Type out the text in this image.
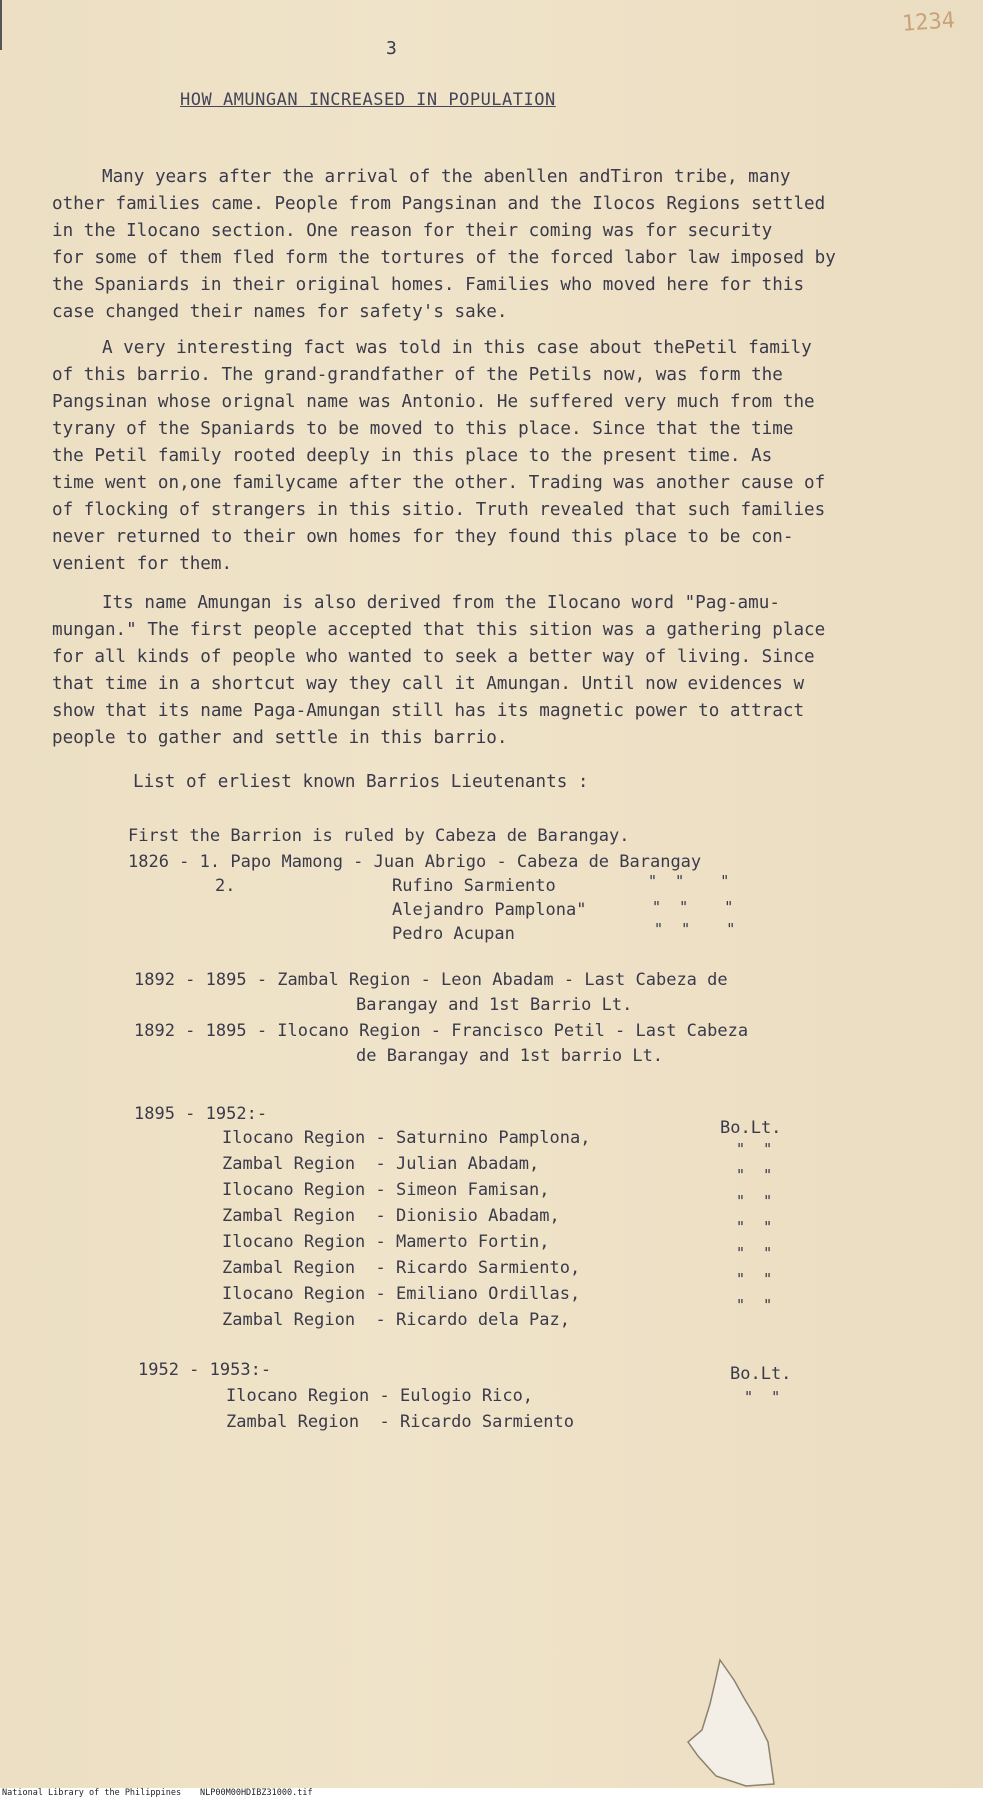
3
1234
HOW AMUNGAN INCREASED IN POPULATION

Many years after the arrival of the abenllen andTiron tribe, many
other families came. People from Pangsinan and the Ilocos Regions settled
in the Ilocano section. One reason for their coming was for security
for some of them fled form the tortures of the forced labor law imposed by
the Spaniards in their original homes. Families who moved here for this
case changed their names for safety's sake.

A very interesting fact was told in this case about thePetil family
of this barrio. The grand-grandfather of the Petils now, was form the
Pangsinan whose orignal name was Antonio. He suffered very much from the
tyrany of the Spaniards to be moved to this place. Since that the time
the Petil family rooted deeply in this place to the present time. As
time went on,one familycame after the other. Trading was another cause of
of flocking of strangers in this sitio. Truth revealed that such families
never returned to their own homes for they found this place to be con-
venient for them.

Its name Amungan is also derived from the Ilocano word "Pag-amu-
mungan." The first people accepted that this sition was a gathering place
for all kinds of people who wanted to seek a better way of living. Since
that time in a shortcut way they call it Amungan. Until now evidences w
show that its name Paga-Amungan still has its magnetic power to attract
people to gather and settle in this barrio.

List of erliest known Barrios Lieutenants :
First the Barrion is ruled by Cabeza de Barangay.
1826 - 1. Papo Mamong - Juan Abrigo - Cabeza de Barangay
2.	Rufino Sarmiento
Alejandro Pamplona"
Pedro Acupan
"  "    "
"  "    "
"  "    "
1892 - 1895 - Zambal Region - Leon Abadam - Last Cabeza de
Barangay and 1st Barrio Lt.
1892 - 1895 - Ilocano Region - Francisco Petil - Last Cabeza
de Barangay and 1st barrio Lt.
1895 - 1952:-
Bo.Lt.
Ilocano Region - Saturnino Pamplona,
Zambal Region  - Julian Abadam,
Ilocano Region - Simeon Famisan,
Zambal Region  - Dionisio Abadam,
Ilocano Region - Mamerto Fortin,
Zambal Region  - Ricardo Sarmiento,
Ilocano Region - Emiliano Ordillas,
Zambal Region  - Ricardo dela Paz,
"  "
"  "
"  "
"  "
"  "
"  "
"  "
1952 - 1953:-	Bo.Lt.
Ilocano Region - Eulogio Rico,
Zambal Region  - Ricardo Sarmiento
"  "
National Library of the Philippines NLP00M00HDIBZ31000.tif
